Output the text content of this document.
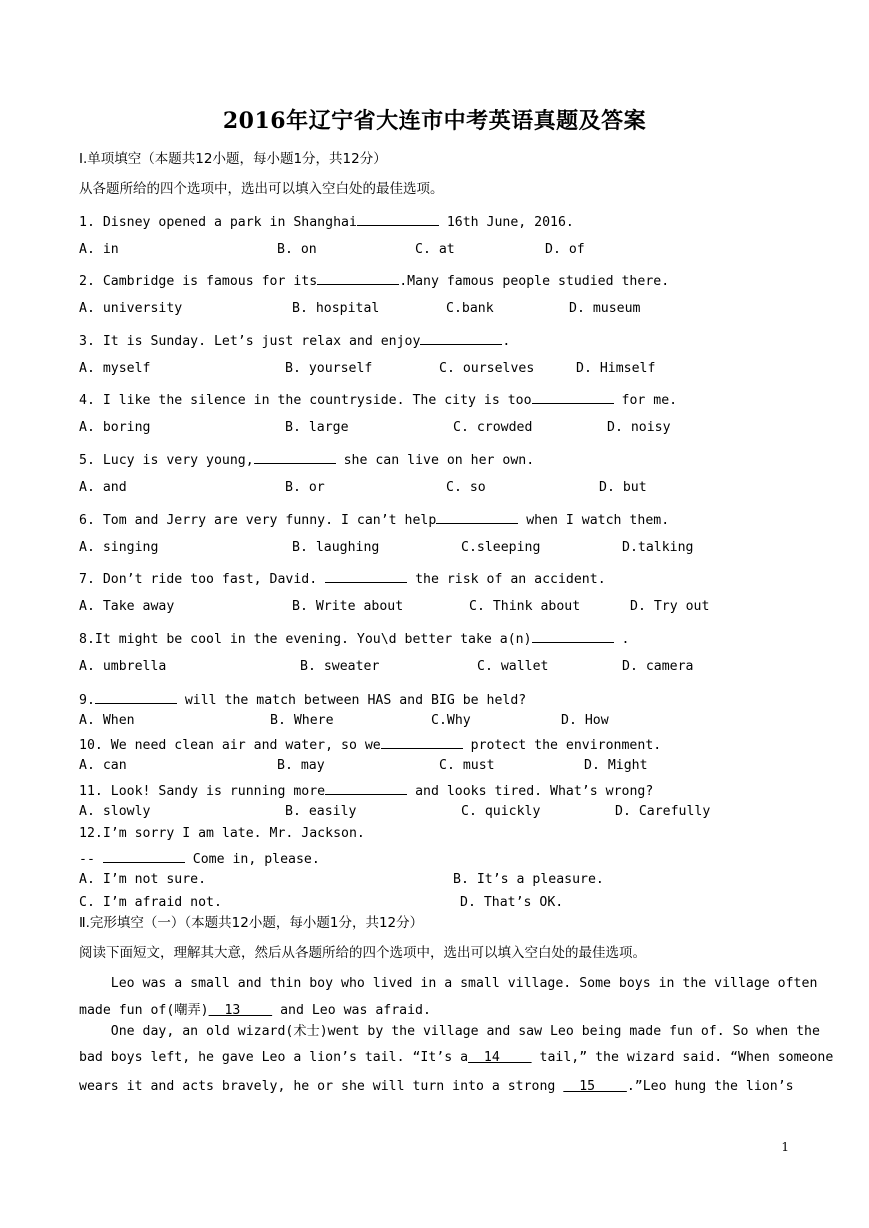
2016年辽宁省大连市中考英语真题及答案
Ⅰ.单项填空（本题共12小题，每小题1分，共12分）
从各题所给的四个选项中，选出可以填入空白处的最佳选项。
1. Disney opened a park in Shanghai	16th June, 2016.
A. in	B. on	C. at	D. of
2. Cambridge is famous for its	.Many famous people studied there.
A. university	B. hospital	C.bank	D. museum
3. It is Sunday. Let’s just relax and enjoy	.
A. myself	B. yourself	C. ourselves	D. Himself
4. I like the silence in the countryside. The city is too	for me.
A. boring	B. large	C. crowded	D. noisy
5. Lucy is very young,	she can live on her own.
A. and	B. or	C. so	D. but
6. Tom and Jerry are very funny. I can’t help	when I watch them.
A. singing	B. laughing	C.sleeping	D.talking
7. Don’t ride too fast, David.	the risk of an accident.
A. Take away	B. Write about	C. Think about	D. Try out
8.It might be cool in the evening. You\d better take a(n)	.
A. umbrella	B. sweater	C. wallet	D. camera
9.	will the match between HAS and BIG be held?
A. When	B. Where	C.Why	D. How
10. We need clean air and water, so we	protect the environment.
A. can	B. may	C. must	D. Might
11. Look! Sandy is running more	and looks tired. What’s wrong?
A. slowly	B. easily	C. quickly	D. Carefully
12.I’m sorry I am late. Mr. Jackson.
--	Come in, please.
A. I’m not sure.	B. It’s a pleasure.
C. I’m afraid not.	D. That’s OK.
Ⅱ.完形填空（一）（本题共12小题，每小题1分，共12分）
阅读下面短文，理解其大意，然后从各题所给的四个选项中，选出可以填入空白处的最佳选项。
Leo was a small and thin boy who lived in a small village. Some boys in the village often
made fun of(嘲弄)  13     and Leo was afraid.
One day, an old wizard(术士)went by the village and saw Leo being made fun of. So when the
bad boys left, he gave Leo a lion’s tail. “It’s a  14     tail,” the wizard said. “When someone
wears it and acts bravely, he or she will turn into a strong   15    .”Leo hung the lion’s
1
